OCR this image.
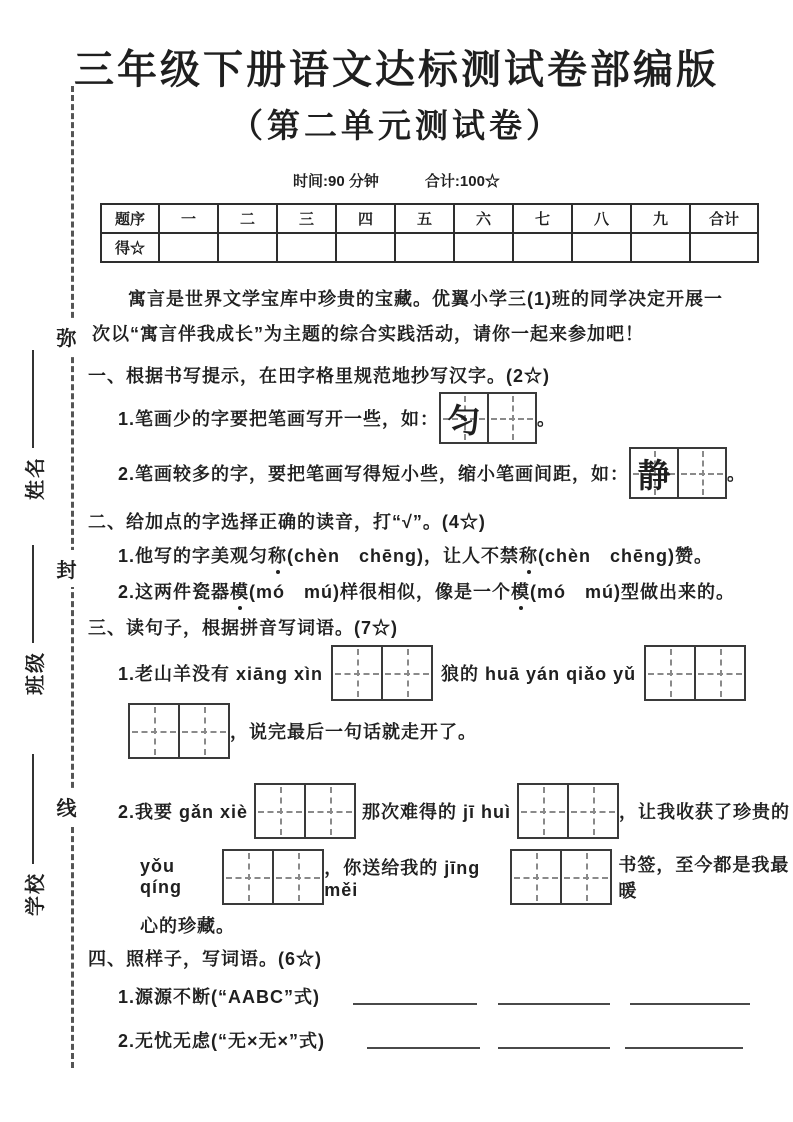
弥
封
线
姓名
班级
学校
三年级下册语文达标测试卷部编版
（第二单元测试卷）
时间:90 分钟	合计:100☆
题序	一	二	三	四	五	六	七	八	九	合计
得☆										
寓言是世界文学宝库中珍贵的宝藏。优翼小学三(1)班的同学决定开展一次以“寓言伴我成长”为主题的综合实践活动，请你一起来参加吧！
一、根据书写提示，在田字格里规范地抄写汉字。(2☆)
1.笔画少的字要把笔画写开一些，如： 匀	。
2.笔画较多的字，要把笔画写得短小些，缩小笔画间距，如： 静	。
二、给加点的字选择正确的读音，打“√”。(4☆)
1.他写的字美观匀称(chèn　chēng)，让人不禁称(chèn　chēng)赞。
2.这两件瓷器模(mó　mú)样很相似，像是一个模(mó　mú)型做出来的。
三、读句子，根据拼音写词语。(7☆)
1.老山羊没有 xiāng xìn	狼的 huā yán qiǎo yǔ
，说完最后一句话就走开了。
2.我要 gǎn xiè	那次难得的 jī huì	，让我收获了珍贵的
yǒu qíng
，你送给我的 jīng měi
书签，至今都是我最暖
心的珍藏。
四、照样子，写词语。(6☆)
1.源源不断(“AABC”式)
2.无忧无虑(“无×无×”式)
